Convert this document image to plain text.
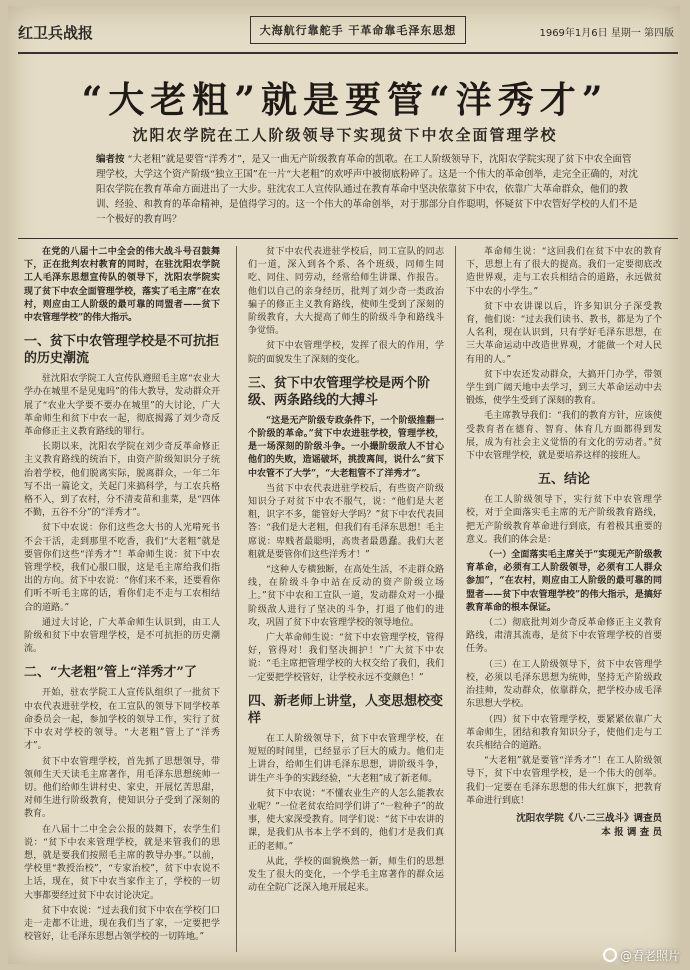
红卫兵战报	大海航行靠舵手 干革命靠毛泽东思想	1969年1月6日 星期一 第四版
“大老粗”就是要管“洋秀才”
沈阳农学院在工人阶级领导下实现贫下中农全面管理学校
编者按 “大老粗”就是要管“洋秀才”，是又一曲无产阶级教育革命的凯歌。在工人阶级领导下，沈阳农学院实现了贫下中农全面管理学校，大学这个资产阶级“独立王国”在一片“大老粗”的欢呼声中被彻底粉碎了。这是一个伟大的革命创举，走完全正确的，对沈阳农学院在教育革命方面进出了一大步。驻沈农工人宣传队通过在教育革命中坚决依靠贫下中农，依靠广大革命群众，他们的教训、经验、和教育的革命精神，是值得学习的。这一个伟大的革命创举，对于那部分自作聪明，怀疑贫下中农管好学校的人们不是一个极好的教育吗？

在党的八届十二中全会的伟大战斗号召鼓舞下，正在批判农村教育的同时，在驻沈阳农学院工人毛泽东思想宣传队的领导下，沈阳农学院实现了贫下中农全面管理学校，落实了毛主席“在农村，则应由工人阶级的最可靠的同盟者——贫下中农管理学校”的伟大指示。

一、贫下中农管理学校是不可抗拒的历史潮流

驻沈阳农学院工人宣传队遵照毛主席“农业大学办在城里不是见鬼吗”的伟大教导，发动群众开展了“农业大学要不要办在城里”的大讨论，广大革命师生和贫下中农一起，彻底揭露了刘少奇反革命修正主义教育路线的罪行。

长期以来，沈阳农学院在刘少奇反革命修正主义教育路线的统治下，由资产阶级知识分子统治着学校，他们脱离实际，脱离群众，一年二年写不出一篇论文，关起门来搞科学，与工农兵格格不入，到了农村，分不清麦苗和韭菜，是“四体不勤，五谷不分”的“洋秀才”。

贫下中农说：你们这些念大书的人光啃死书不会干活，走到那里不吃香，我们“大老粗”就是要管你们这些“洋秀才”！革命师生说：贫下中农管理学校，我们心服口服，这是毛主席给我们指出的方向。贫下中农说：“你们来不来，还要看你们听不听毛主席的话，看你们走不走与工农相结合的道路。”

通过大讨论，广大革命师生认识到，由工人阶级和贫下中农管理学校，是不可抗拒的历史潮流。

二、“大老粗”管上“洋秀才”了

开始，驻农学院工人宣传队组织了一批贫下中农代表进驻学校，在工宣队的领导下同学校革命委员会一起，参加学校的领导工作，实行了贫下中农对学校的领导。“大老粗”管上了“洋秀才”。

贫下中农管理学校，首先抓了思想领导，带领师生天天读毛主席著作，用毛泽东思想统帅一切。他们给师生讲村史、家史，开展忆苦思甜，对师生进行阶级教育，使知识分子受到了深刻的教育。

在八届十二中全会公报的鼓舞下，农学生们说：“贫下中农来管理学校，就是来管我们的思想，就是要我们按照毛主席的教导办事。”以前，学校里“教授治校”，“专家治校”，贫下中农说不上话，现在，贫下中农当家作主了，学校的一切大事都要经过贫下中农讨论决定。

贫下中农说：“过去我们贫下中农在学校门口走一走都不让进，现在我们当了家，一定要把学校管好，让毛泽东思想占领学校的一切阵地。”

贫下中农代表进驻学校后，同工宣队的同志们一道，深入到各个系、各个班级，同师生同吃、同住、同劳动，经常给师生讲课、作报告。他们以自己的亲身经历，批判了刘少奇一类政治骗子的修正主义教育路线，使师生受到了深刻的阶级教育，大大提高了师生的阶级斗争和路线斗争觉悟。

贫下中农管理学校，发挥了很大的作用，学院的面貌发生了深刻的变化。

三、贫下中农管理学校是两个阶级、两条路线的大搏斗

“这是无产阶级专政条件下，一个阶级推翻一个阶级的革命。”贫下中农进驻学校，管理学校，是一场深刻的阶级斗争。一小撮阶级敌人不甘心他们的失败，造谣破坏，挑拨离间，说什么“贫下中农管不了大学”，“大老粗管不了洋秀才”。

当贫下中农代表进驻学校后，有些资产阶级知识分子对贫下中农不服气，说：“他们是大老粗，识字不多，能管好大学吗？”贫下中农代表回答：“我们是大老粗，但我们有毛泽东思想！毛主席说：卑贱者最聪明，高贵者最愚蠢。我们大老粗就是要管你们这些洋秀才！”

“这种人专横独断，在高处生活，不走群众路线，在阶级斗争中站在反动的资产阶级立场上。”贫下中农和工宣队一道，发动群众对一小撮阶级敌人进行了坚决的斗争，打退了他们的进攻，巩固了贫下中农管理学校的领导地位。

广大革命师生说：“贫下中农管理学校，管得好，管得对！我们坚决拥护！”广大贫下中农说：“毛主席把管理学校的大权交给了我们，我们一定要把学校管好，让学校永远不变颜色！”

四、新老师上讲堂，人变思想校变样

在工人阶级领导下，贫下中农管理学校，在短短的时间里，已经显示了巨大的威力。他们走上讲台，给师生们讲毛泽东思想，讲阶级斗争，讲生产斗争的实践经验，“大老粗”成了新老师。

贫下中农说：“不懂农业生产的人怎么能教农业呢？”一位老贫农给同学们讲了“一粒种子”的故事，使大家深受教育。同学们说：“贫下中农讲的课，是我们从书本上学不到的，他们才是我们真正的老师。”

从此，学校的面貌焕然一新，师生们的思想发生了很大的变化，一个学毛主席著作的群众运动在全院广泛深入地开展起来。

革命师生说：“这回我们在贫下中农的教育下，思想上有了很大的提高。我们一定要彻底改造世界观，走与工农兵相结合的道路，永远做贫下中农的小学生。”

贫下中农讲课以后，许多知识分子深受教育，他们说：“过去我们读书、教书，都是为了个人名利，现在认识到，只有学好毛泽东思想，在三大革命运动中改造世界观，才能做一个对人民有用的人。”

贫下中农还发动群众，大搞开门办学，带领学生到广阔天地中去学习，到三大革命运动中去锻炼，使学生受到了深刻的教育。

毛主席教导我们：“我们的教育方针，应该使受教育者在德育、智育、体育几方面都得到发展，成为有社会主义觉悟的有文化的劳动者。”贫下中农管理学校，就是要培养这样的接班人。

五、结论

在工人阶级领导下，实行贫下中农管理学校，对于全面落实毛主席的无产阶级教育路线，把无产阶级教育革命进行到底，有着极其重要的意义。我们的体会是：

（一）全面落实毛主席关于“实现无产阶级教育革命，必须有工人阶级领导，必须有工人群众参加”，“在农村，则应由工人阶级的最可靠的同盟者——贫下中农管理学校”的伟大指示，是搞好教育革命的根本保证。

（二）彻底批判刘少奇反革命修正主义教育路线，肃清其流毒，是贫下中农管理学校的首要任务。

（三）在工人阶级领导下，贫下中农管理学校，必须以毛泽东思想为统帅，坚持无产阶级政治挂帅，发动群众，依靠群众，把学校办成毛泽东思想大学校。

（四）贫下中农管理学校，要紧紧依靠广大革命师生，团结和教育知识分子，使他们走与工农兵相结合的道路。

“大老粗”就是要管“洋秀才”！在工人阶级领导下，贫下中农管理学校，是一个伟大的创举。我们一定要在毛泽东思想的伟大红旗下，把教育革命进行到底！

沈阳农学院《八·二三战斗》调查员
本 报 调 查 员
@看老照片
